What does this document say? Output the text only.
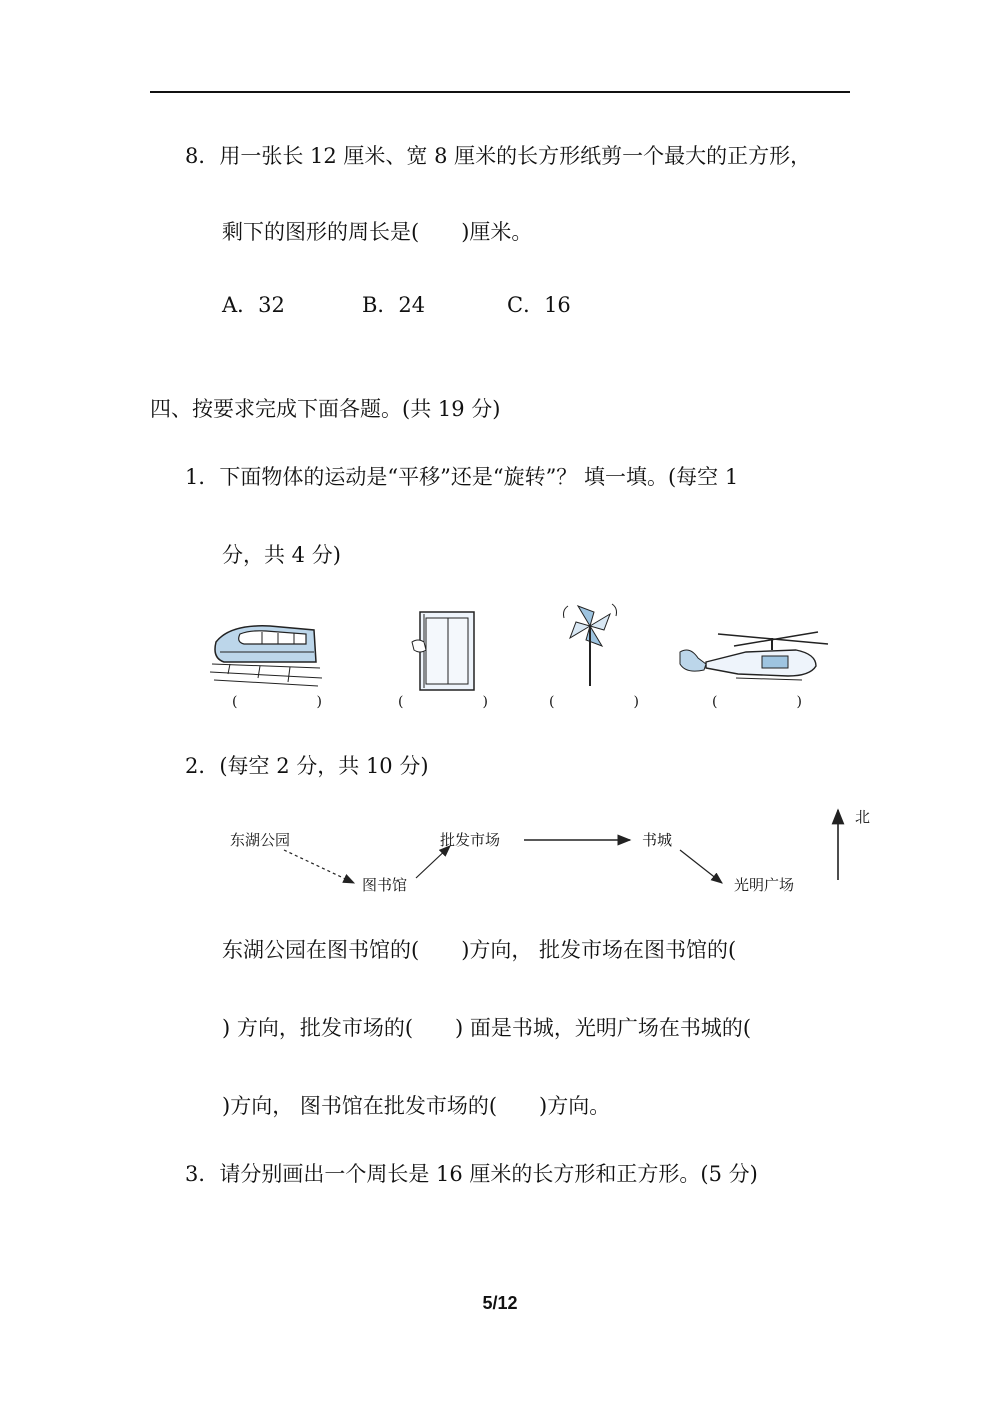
8．用一张长 12 厘米、宽 8 厘米的长方形纸剪一个最大的正方形，
剩下的图形的周长是(　　)厘米。
A．32	B．24	C．16
四、按要求完成下面各题。(共 19 分)
1．下面物体的运动是“平移”还是“旋转”？ 填一填。(每空 1
分，共 4 分)
(	)	(	)	(	)	(	)
2．(每空 2 分，共 10 分)
东湖公园
图书馆
批发市场	书城
光明广场
北
东湖公园在图书馆的(　　)方向， 批发市场在图书馆的(
) 方向，批发市场的(　　) 面是书城，光明广场在书城的(
)方向， 图书馆在批发市场的(　　)方向。
3．请分别画出一个周长是 16 厘米的长方形和正方形。(5 分)
5/12
